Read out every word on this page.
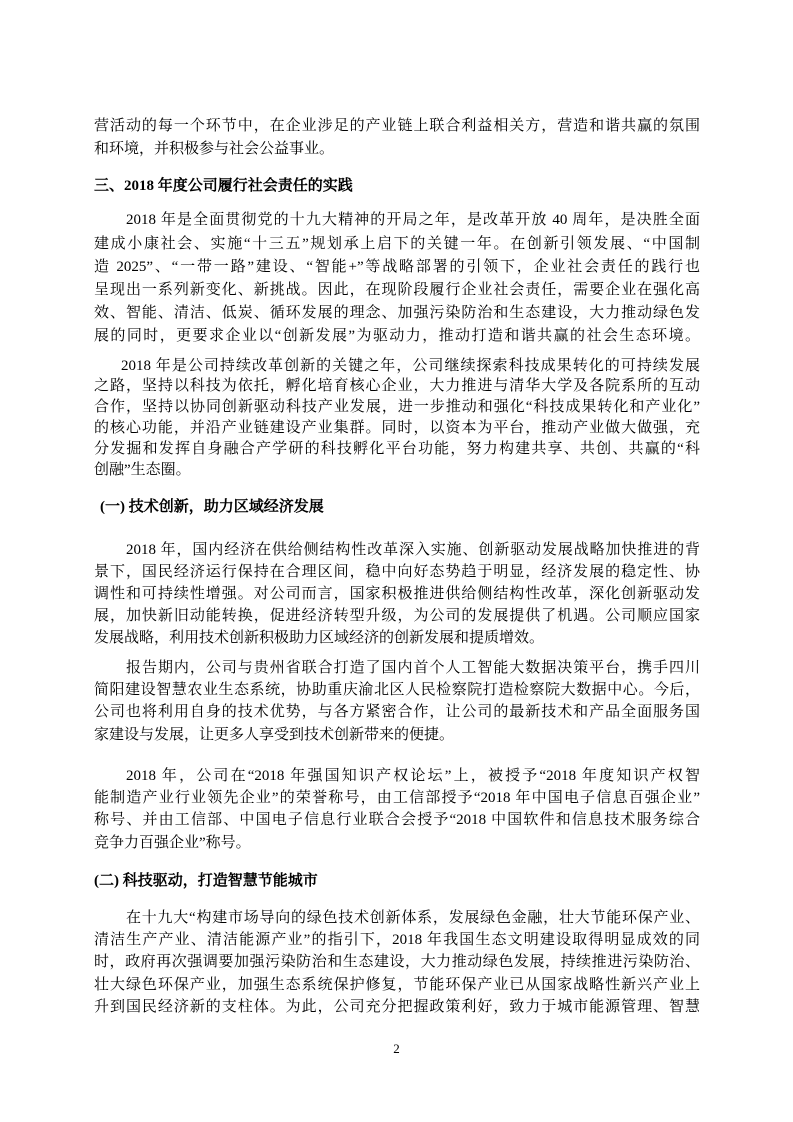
营活动的每一个环节中，在企业涉足的产业链上联合利益相关方，营造和谐共赢的氛围
和环境，并积极参与社会公益事业。
三、2018 年度公司履行社会责任的实践
2018 年是全面贯彻党的十九大精神的开局之年，是改革开放 40 周年，是决胜全面
建成小康社会、实施“十三五”规划承上启下的关键一年。在创新引领发展、“中国制
造 2025”、“一带一路”建设、“智能+”等战略部署的引领下，企业社会责任的践行也
呈现出一系列新变化、新挑战。因此，在现阶段履行企业社会责任，需要企业在强化高
效、智能、清洁、低炭、循环发展的理念、加强污染防治和生态建设，大力推动绿色发
展的同时，更要求企业以“创新发展”为驱动力，推动打造和谐共赢的社会生态环境。
2018 年是公司持续改革创新的关键之年，公司继续探索科技成果转化的可持续发展
之路，坚持以科技为依托，孵化培育核心企业，大力推进与清华大学及各院系所的互动
合作，坚持以协同创新驱动科技产业发展，进一步推动和强化“科技成果转化和产业化”
的核心功能，并沿产业链建设产业集群。同时，以资本为平台，推动产业做大做强，充
分发掘和发挥自身融合产学研的科技孵化平台功能，努力构建共享、共创、共赢的“科
创融”生态圈。
(一) 技术创新，助力区域经济发展
2018 年，国内经济在供给侧结构性改革深入实施、创新驱动发展战略加快推进的背
景下，国民经济运行保持在合理区间，稳中向好态势趋于明显，经济发展的稳定性、协
调性和可持续性增强。对公司而言，国家积极推进供给侧结构性改革，深化创新驱动发
展，加快新旧动能转换，促进经济转型升级，为公司的发展提供了机遇。公司顺应国家
发展战略，利用技术创新积极助力区域经济的创新发展和提质增效。
报告期内，公司与贵州省联合打造了国内首个人工智能大数据决策平台，携手四川
简阳建设智慧农业生态系统，协助重庆渝北区人民检察院打造检察院大数据中心。今后，
公司也将利用自身的技术优势，与各方紧密合作，让公司的最新技术和产品全面服务国
家建设与发展，让更多人享受到技术创新带来的便捷。
2018 年，公司在“2018 年强国知识产权论坛”上，被授予“2018 年度知识产权智
能制造产业行业领先企业”的荣誉称号，由工信部授予“2018 年中国电子信息百强企业”
称号、并由工信部、中国电子信息行业联合会授予“2018 中国软件和信息技术服务综合
竞争力百强企业”称号。
(二) 科技驱动，打造智慧节能城市
在十九大“构建市场导向的绿色技术创新体系，发展绿色金融，壮大节能环保产业、
清洁生产产业、清洁能源产业”的指引下，2018 年我国生态文明建设取得明显成效的同
时，政府再次强调要加强污染防治和生态建设，大力推动绿色发展，持续推进污染防治、
壮大绿色环保产业，加强生态系统保护修复，节能环保产业已从国家战略性新兴产业上
升到国民经济新的支柱体。为此，公司充分把握政策利好，致力于城市能源管理、智慧
2
